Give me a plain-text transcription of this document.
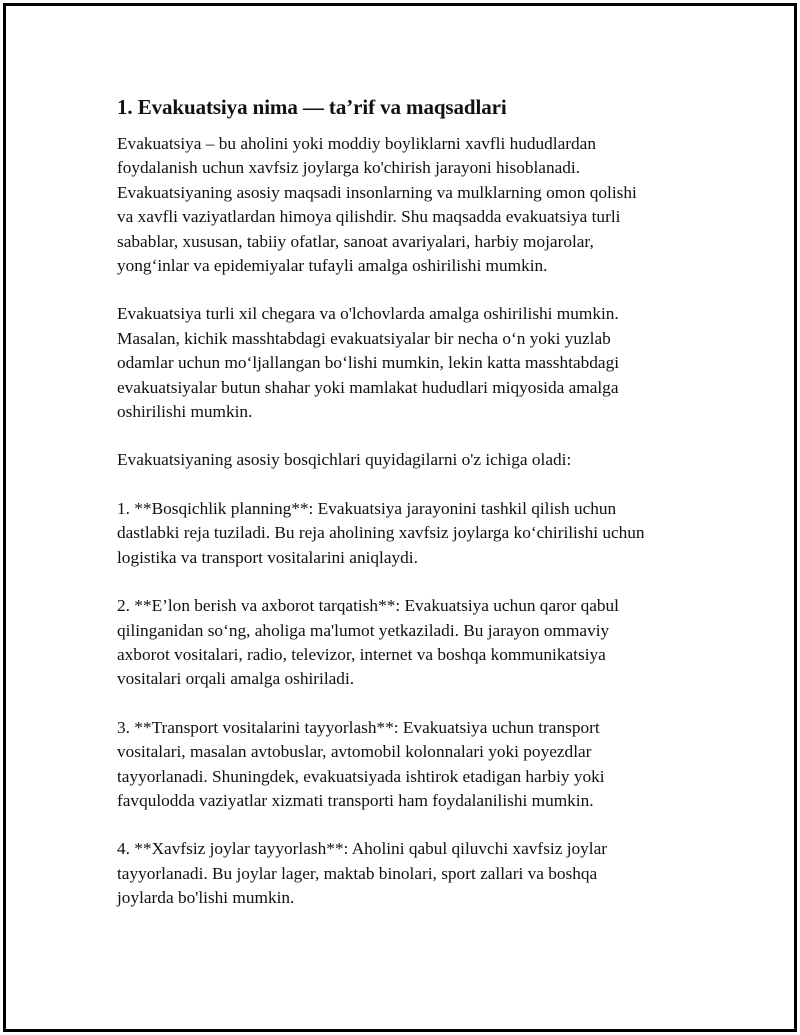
1. Evakuatsiya nima — ta’rif va maqsadlari

Evakuatsiya – bu aholini yoki moddiy boyliklarni xavfli hududlardan
foydalanish uchun xavfsiz joylarga ko'chirish jarayoni hisoblanadi.
Evakuatsiyaning asosiy maqsadi insonlarning va mulklarning omon qolishi
va xavfli vaziyatlardan himoya qilishdir. Shu maqsadda evakuatsiya turli
sabablar, xususan, tabiiy ofatlar, sanoat avariyalari, harbiy mojarolar,
yong‘inlar va epidemiyalar tufayli amalga oshirilishi mumkin.

Evakuatsiya turli xil chegara va o'lchovlarda amalga oshirilishi mumkin.
Masalan, kichik masshtabdagi evakuatsiyalar bir necha o‘n yoki yuzlab
odamlar uchun mo‘ljallangan bo‘lishi mumkin, lekin katta masshtabdagi
evakuatsiyalar butun shahar yoki mamlakat hududlari miqyosida amalga
oshirilishi mumkin.

Evakuatsiyaning asosiy bosqichlari quyidagilarni o'z ichiga oladi:

1. **Bosqichlik planning**: Evakuatsiya jarayonini tashkil qilish uchun
dastlabki reja tuziladi. Bu reja aholining xavfsiz joylarga ko‘chirilishi uchun
logistika va transport vositalarini aniqlaydi.

2. **E’lon berish va axborot tarqatish**: Evakuatsiya uchun qaror qabul
qilinganidan so‘ng, aholiga ma'lumot yetkaziladi. Bu jarayon ommaviy
axborot vositalari, radio, televizor, internet va boshqa kommunikatsiya
vositalari orqali amalga oshiriladi.

3. **Transport vositalarini tayyorlash**: Evakuatsiya uchun transport
vositalari, masalan avtobuslar, avtomobil kolonnalari yoki poyezdlar
tayyorlanadi. Shuningdek, evakuatsiyada ishtirok etadigan harbiy yoki
favqulodda vaziyatlar xizmati transporti ham foydalanilishi mumkin.

4. **Xavfsiz joylar tayyorlash**: Aholini qabul qiluvchi xavfsiz joylar
tayyorlanadi. Bu joylar lager, maktab binolari, sport zallari va boshqa
joylarda bo'lishi mumkin.
